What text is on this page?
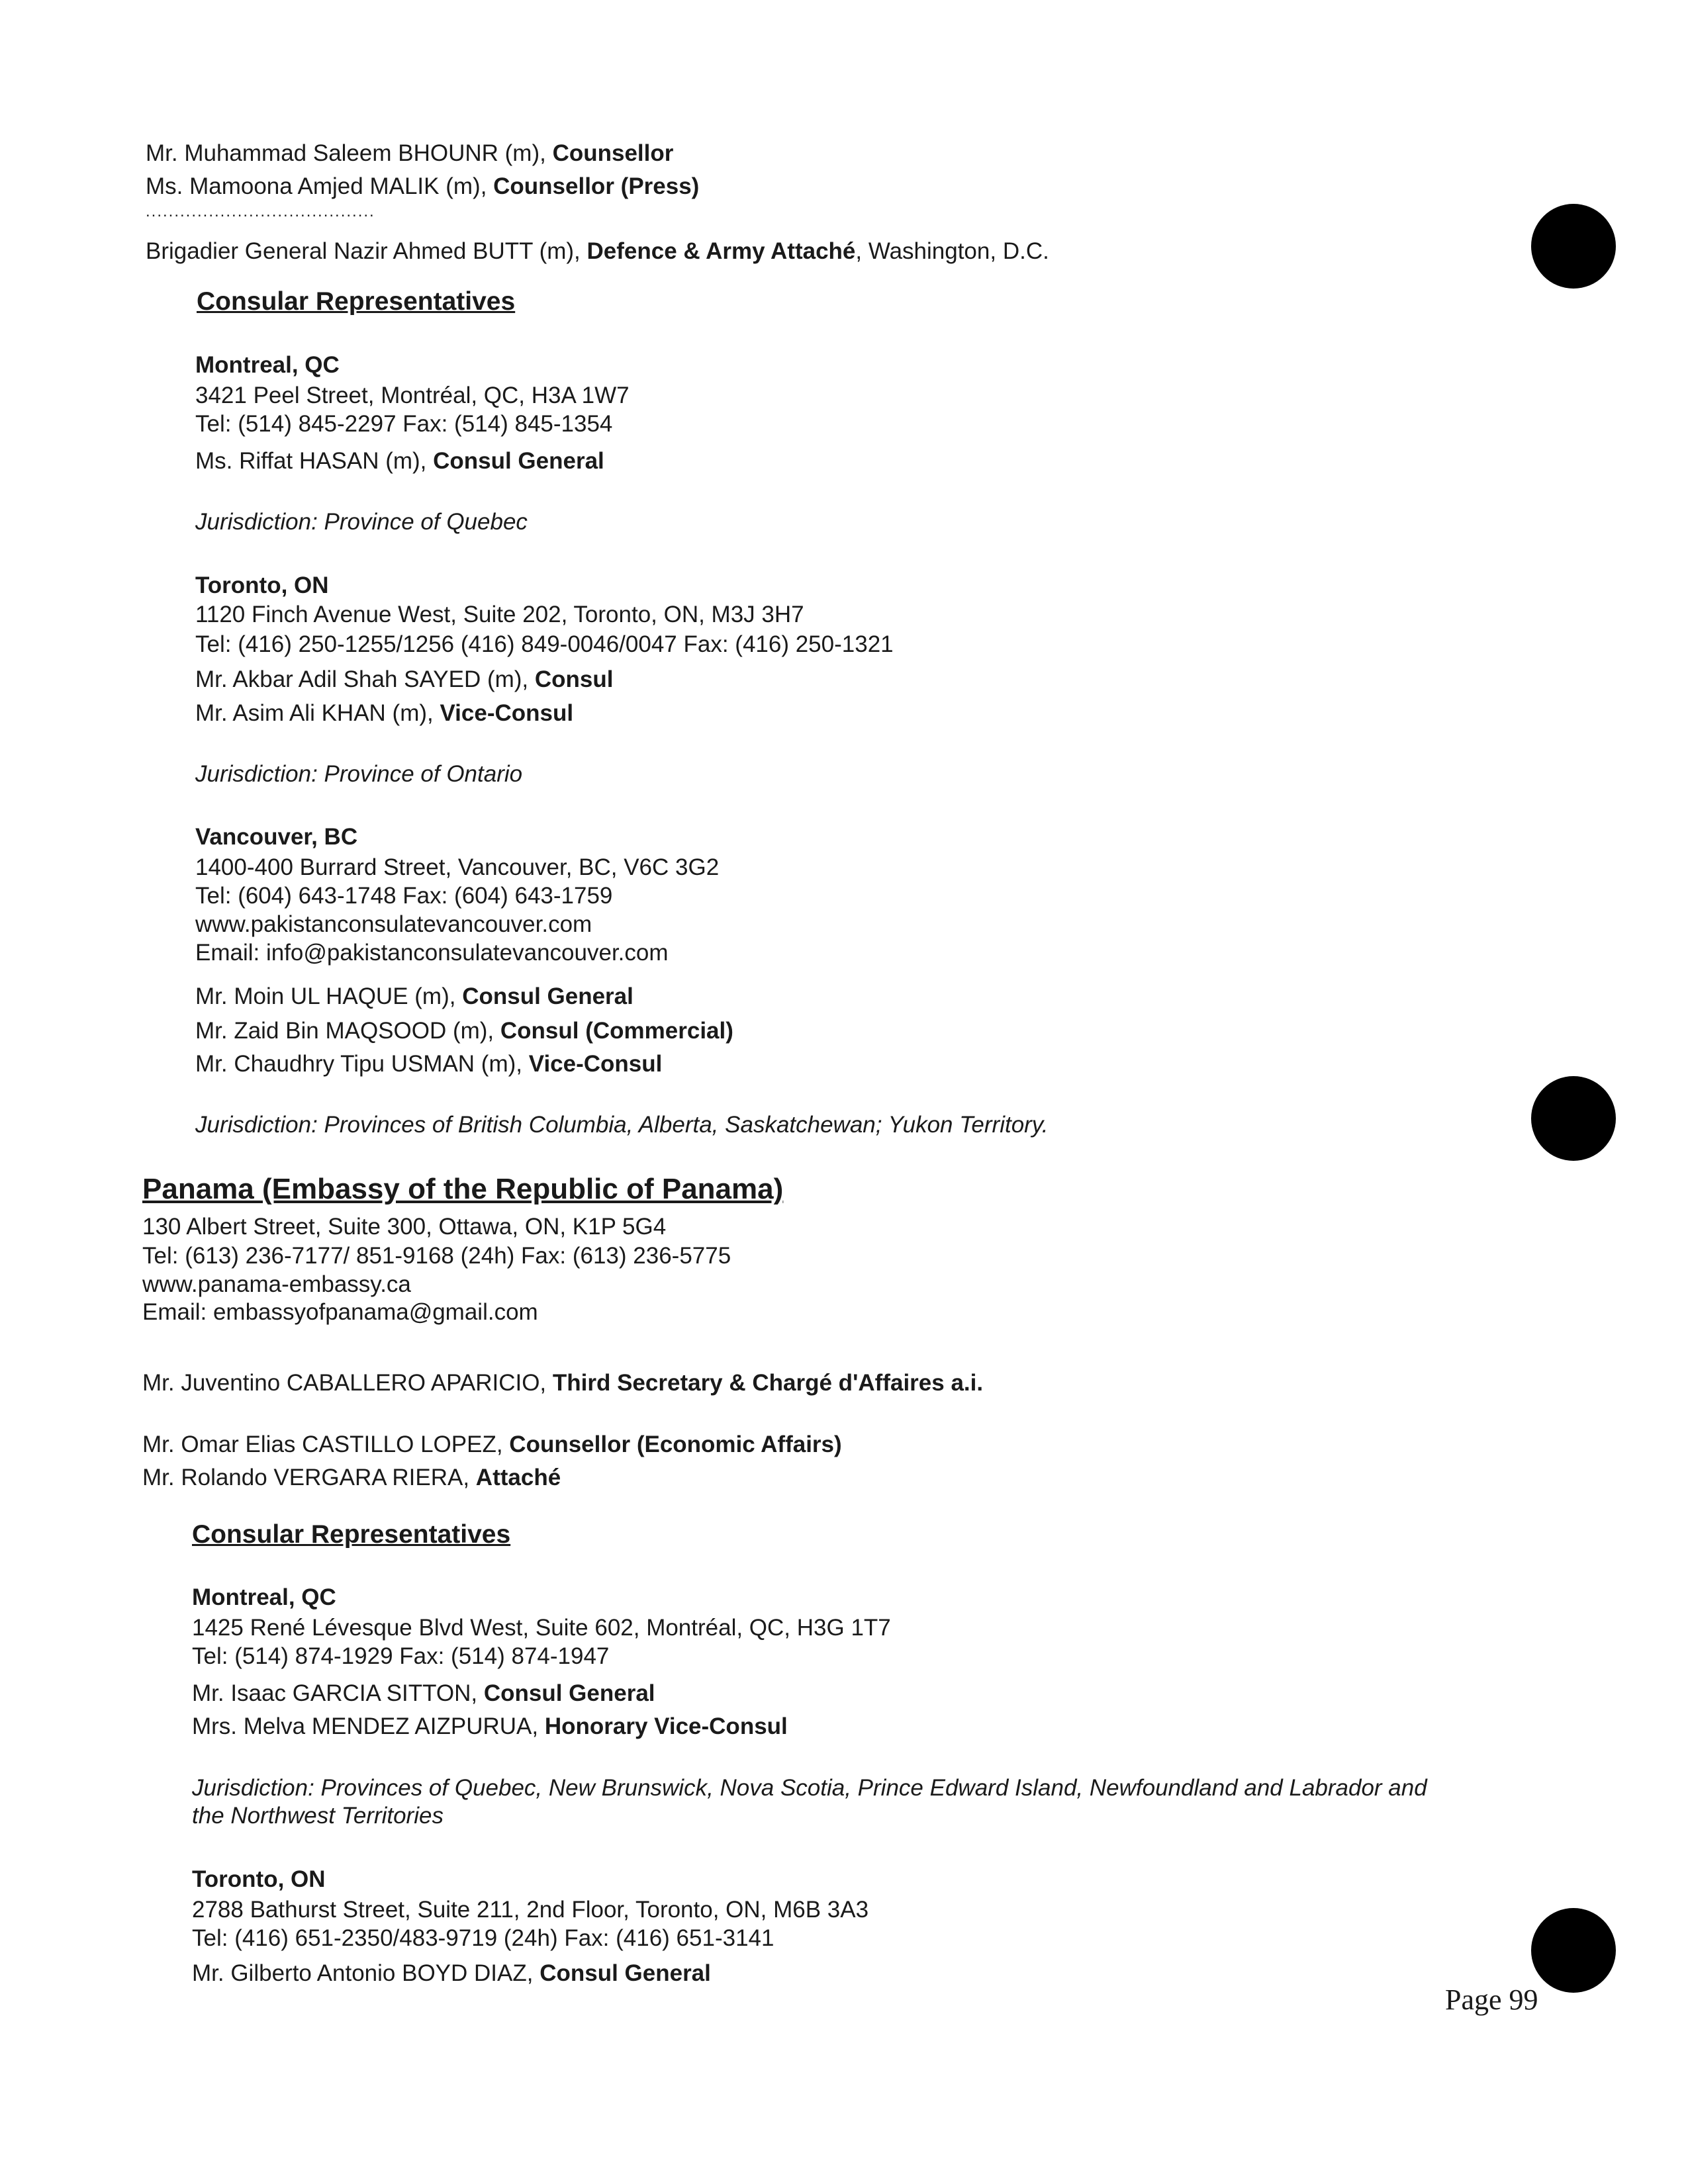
Mr. Muhammad Saleem BHOUNR (m), Counsellor
Ms. Mamoona Amjed MALIK (m), Counsellor (Press)
........................................
Brigadier General Nazir Ahmed BUTT (m), Defence & Army Attaché, Washington, D.C.
Consular Representatives
Montreal, QC
3421 Peel Street, Montréal, QC, H3A 1W7
Tel: (514) 845-2297 Fax: (514) 845-1354
Ms. Riffat HASAN (m), Consul General
Jurisdiction: Province of Quebec
Toronto, ON
1120 Finch Avenue West, Suite 202, Toronto, ON, M3J 3H7
Tel: (416) 250-1255/1256 (416) 849-0046/0047 Fax: (416) 250-1321
Mr. Akbar Adil Shah SAYED (m), Consul
Mr. Asim Ali KHAN (m), Vice-Consul
Jurisdiction: Province of Ontario
Vancouver, BC
1400-400 Burrard Street, Vancouver, BC, V6C 3G2
Tel: (604) 643-1748 Fax: (604) 643-1759
www.pakistanconsulatevancouver.com
Email: info@pakistanconsulatevancouver.com
Mr. Moin UL HAQUE (m), Consul General
Mr. Zaid Bin MAQSOOD (m), Consul (Commercial)
Mr. Chaudhry Tipu USMAN (m), Vice-Consul
Jurisdiction: Provinces of British Columbia, Alberta, Saskatchewan; Yukon Territory.
Panama (Embassy of the Republic of Panama)
130 Albert Street, Suite 300, Ottawa, ON, K1P 5G4
Tel: (613) 236-7177/ 851-9168 (24h) Fax: (613) 236-5775
www.panama-embassy.ca
Email: embassyofpanama@gmail.com
Mr. Juventino CABALLERO APARICIO, Third Secretary & Chargé d'Affaires a.i.
Mr. Omar Elias CASTILLO LOPEZ, Counsellor (Economic Affairs)
Mr. Rolando VERGARA RIERA, Attaché
Consular Representatives
Montreal, QC
1425 René Lévesque Blvd West, Suite 602, Montréal, QC, H3G 1T7
Tel: (514) 874-1929 Fax: (514) 874-1947
Mr. Isaac GARCIA SITTON, Consul General
Mrs. Melva MENDEZ AIZPURUA, Honorary Vice-Consul
Jurisdiction: Provinces of Quebec, New Brunswick, Nova Scotia, Prince Edward Island, Newfoundland and Labrador and
the Northwest Territories
Toronto, ON
2788 Bathurst Street, Suite 211, 2nd Floor, Toronto, ON, M6B 3A3
Tel: (416) 651-2350/483-9719 (24h) Fax: (416) 651-3141
Mr. Gilberto Antonio BOYD DIAZ, Consul General
Page 99
